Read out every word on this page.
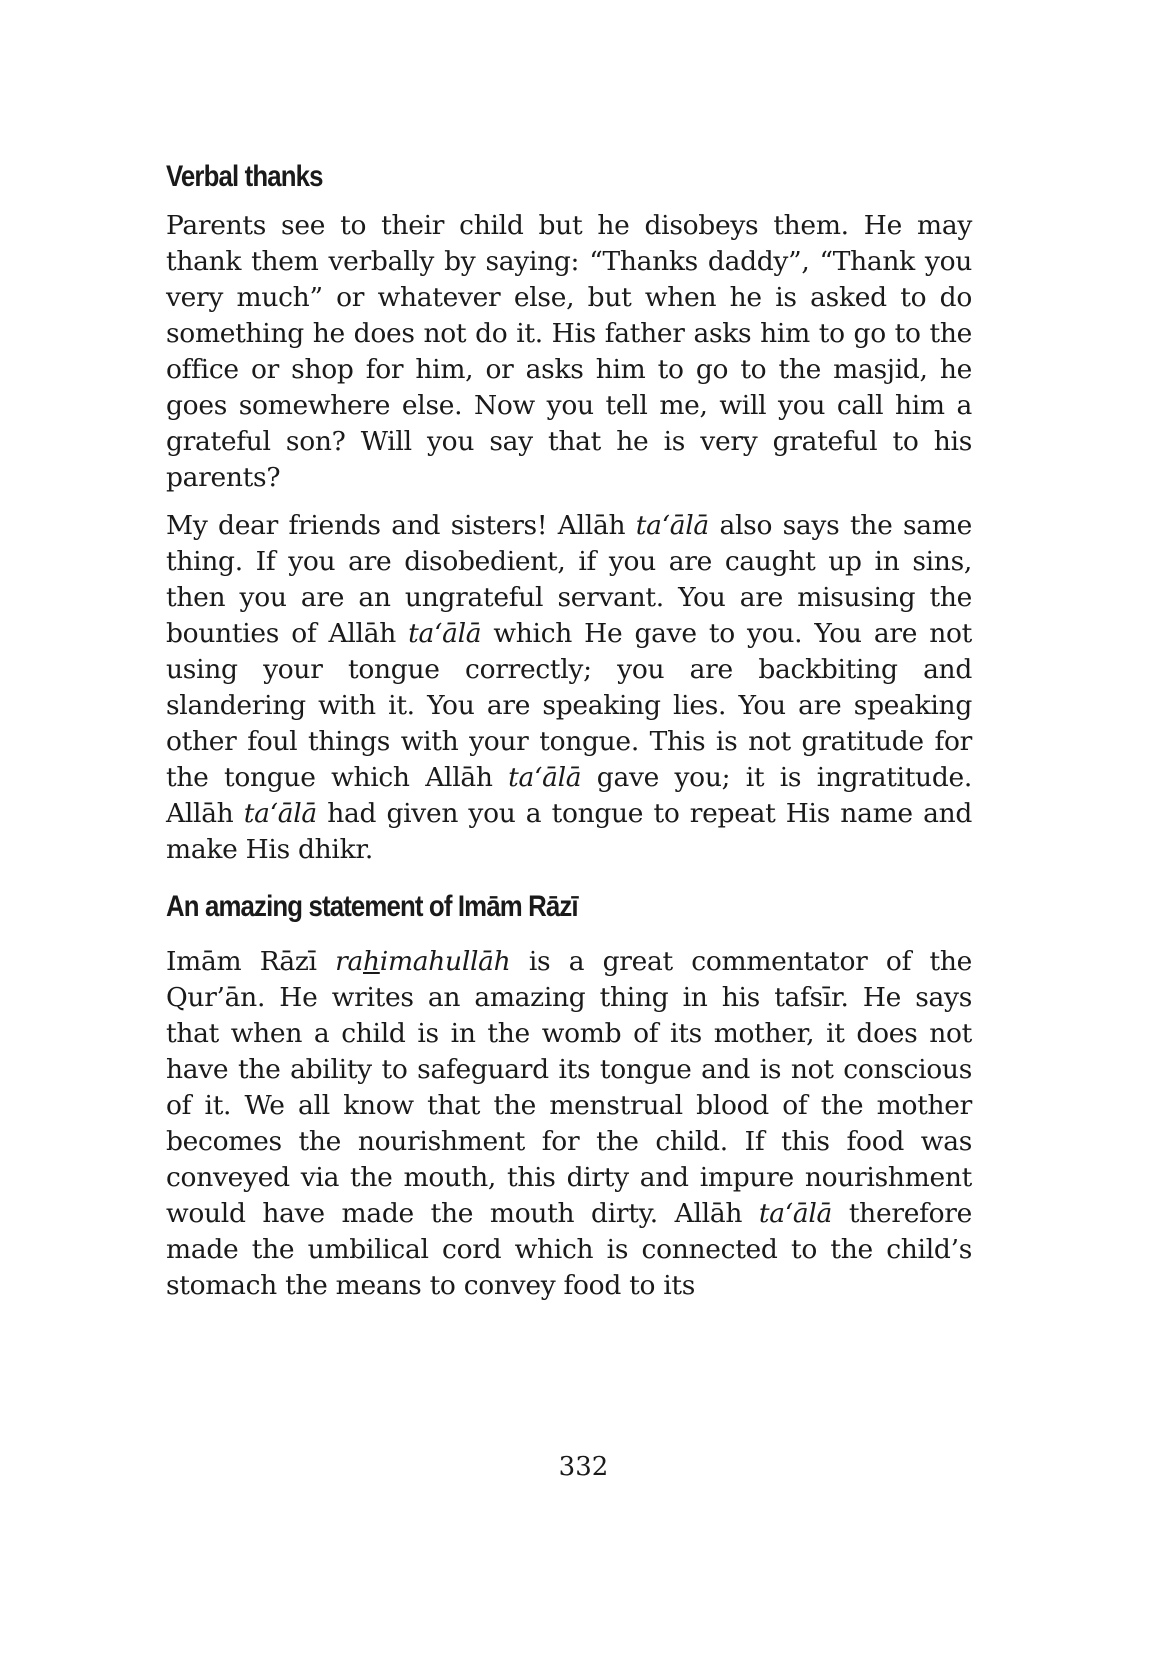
Verbal thanks

Parents see to their child but he disobeys them. He may thank them verbally by saying: “Thanks daddy”, “Thank you very much” or whatever else, but when he is asked to do something he does not do it. His father asks him to go to the office or shop for him, or asks him to go to the masjid, he goes somewhere else. Now you tell me, will you call him a grateful son? Will you say that he is very grateful to his parents?

My dear friends and sisters! Allāh ta‘ālā also says the same thing. If you are disobedient, if you are caught up in sins, then you are an ungrateful servant. You are misusing the bounties of Allāh ta‘ālā which He gave to you. You are not using your tongue correctly; you are backbiting and slandering with it. You are speaking lies. You are speaking other foul things with your tongue. This is not gratitude for the tongue which Allāh ta‘ālā gave you; it is ingratitude. Allāh ta‘ālā had given you a tongue to repeat His name and make His dhikr.

An amazing statement of Imām Rāzī

Imām Rāzī rahimahullāh is a great commentator of the Qur’ān. He writes an amazing thing in his tafsīr. He says that when a child is in the womb of its mother, it does not have the ability to safeguard its tongue and is not conscious of it. We all know that the menstrual blood of the mother becomes the nourishment for the child. If this food was conveyed via the mouth, this dirty and impure nourishment would have made the mouth dirty. Allāh ta‘ālā therefore made the umbilical cord which is connected to the child’s stomach the means to convey food to its

332
